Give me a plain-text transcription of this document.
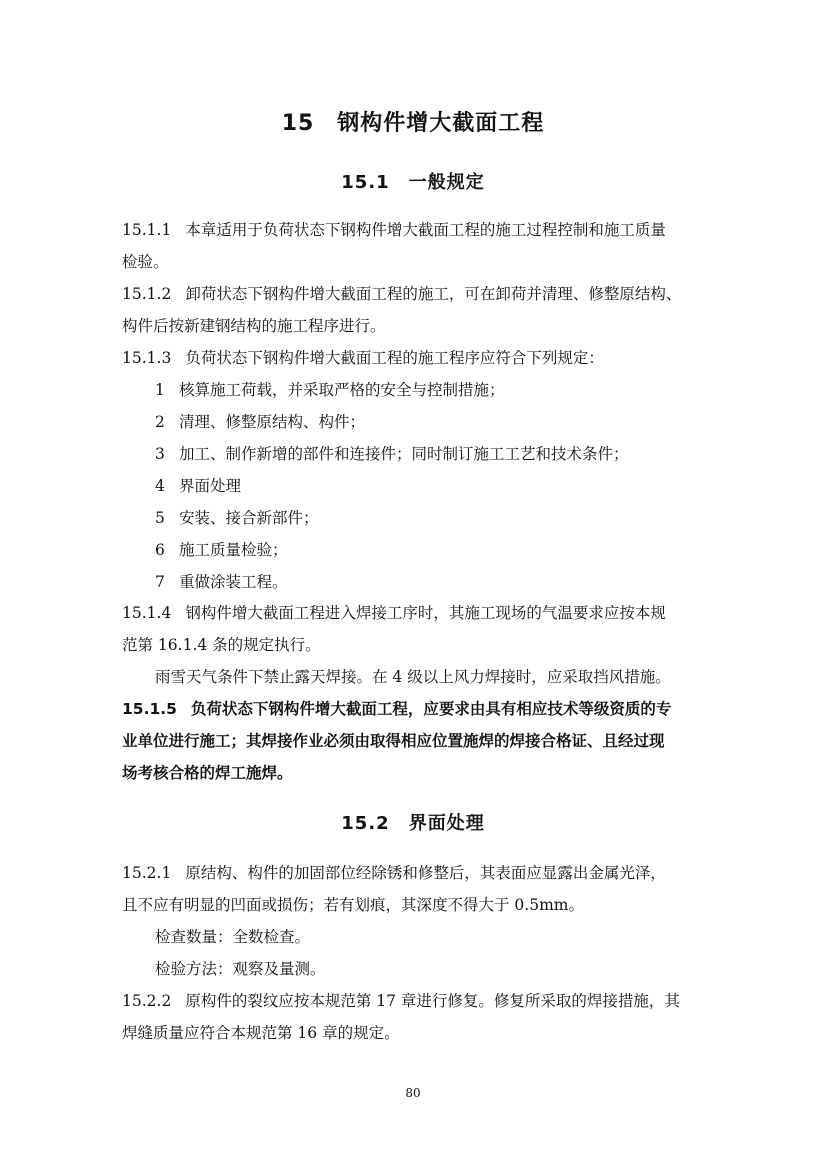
15　钢构件增大截面工程
15.1　一般规定
15.1.1 本章适用于负荷状态下钢构件增大截面工程的施工过程控制和施工质量
检验。
15.1.2 卸荷状态下钢构件增大截面工程的施工，可在卸荷并清理、修整原结构、
构件后按新建钢结构的施工程序进行。
15.1.3 负荷状态下钢构件增大截面工程的施工程序应符合下列规定：
1 核算施工荷载，并采取严格的安全与控制措施；
2 清理、修整原结构、构件；
3 加工、制作新增的部件和连接件；同时制订施工工艺和技术条件；
4 界面处理
5 安装、接合新部件；
6 施工质量检验；
7 重做涂装工程。
15.1.4 钢构件增大截面工程进入焊接工序时，其施工现场的气温要求应按本规
范第 16.1.4 条的规定执行。
雨雪天气条件下禁止露天焊接。在 4 级以上风力焊接时，应采取挡风措施。
15.1.5 负荷状态下钢构件增大截面工程，应要求由具有相应技术等级资质的专
业单位进行施工；其焊接作业必须由取得相应位置施焊的焊接合格证、且经过现
场考核合格的焊工施焊。
15.2　界面处理
15.2.1 原结构、构件的加固部位经除锈和修整后，其表面应显露出金属光泽，
且不应有明显的凹面或损伤；若有划痕，其深度不得大于 0.5mm。
检查数量：全数检查。
检验方法：观察及量测。
15.2.2 原构件的裂纹应按本规范第 17 章进行修复。修复所采取的焊接措施，其
焊缝质量应符合本规范第 16 章的规定。
80
